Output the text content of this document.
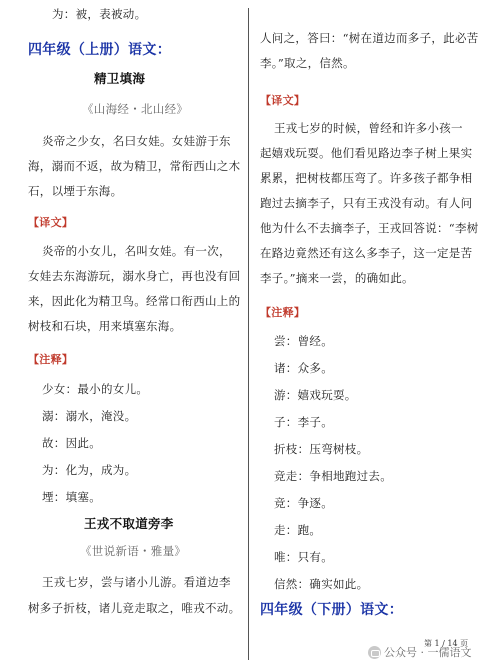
为：被，表被动。
四年级（上册）语文：
精卫填海
《山海经・北山经》
炎帝之少女，名曰女娃。女娃游于东
海，溺而不返，故为精卫，常衔西山之木
石，以堙于东海。
【译文】
炎帝的小女儿，名叫女娃。有一次，
女娃去东海游玩，溺水身亡，再也没有回
来，因此化为精卫鸟。经常口衔西山上的
树枝和石块，用来填塞东海。
【注释】
少女：最小的女儿。
溺：溺水，淹没。
故：因此。
为：化为，成为。
堙：填塞。
王戎不取道旁李
《世说新语・雅量》
王戎七岁，尝与诸小儿游。看道边李
树多子折枝，诸儿竞走取之，唯戎不动。
人问之，答曰：“树在道边而多子，此必苦
李。”取之，信然。
【译文】
王戎七岁的时候，曾经和许多小孩一
起嬉戏玩耍。他们看见路边李子树上果实
累累，把树枝都压弯了。许多孩子都争相
跑过去摘李子，只有王戎没有动。有人问
他为什么不去摘李子，王戎回答说：“李树
在路边竟然还有这么多李子，这一定是苦
李子。”摘来一尝，的确如此。
【注释】
尝：曾经。
诸：众多。
游：嬉戏玩耍。
子：李子。
折枝：压弯树枝。
竞走：争相地跑过去。
竞：争逐。
走：跑。
唯：只有。
信然：确实如此。
四年级（下册）语文：
第 1 / 14 页
公众号 · 一儒语文
